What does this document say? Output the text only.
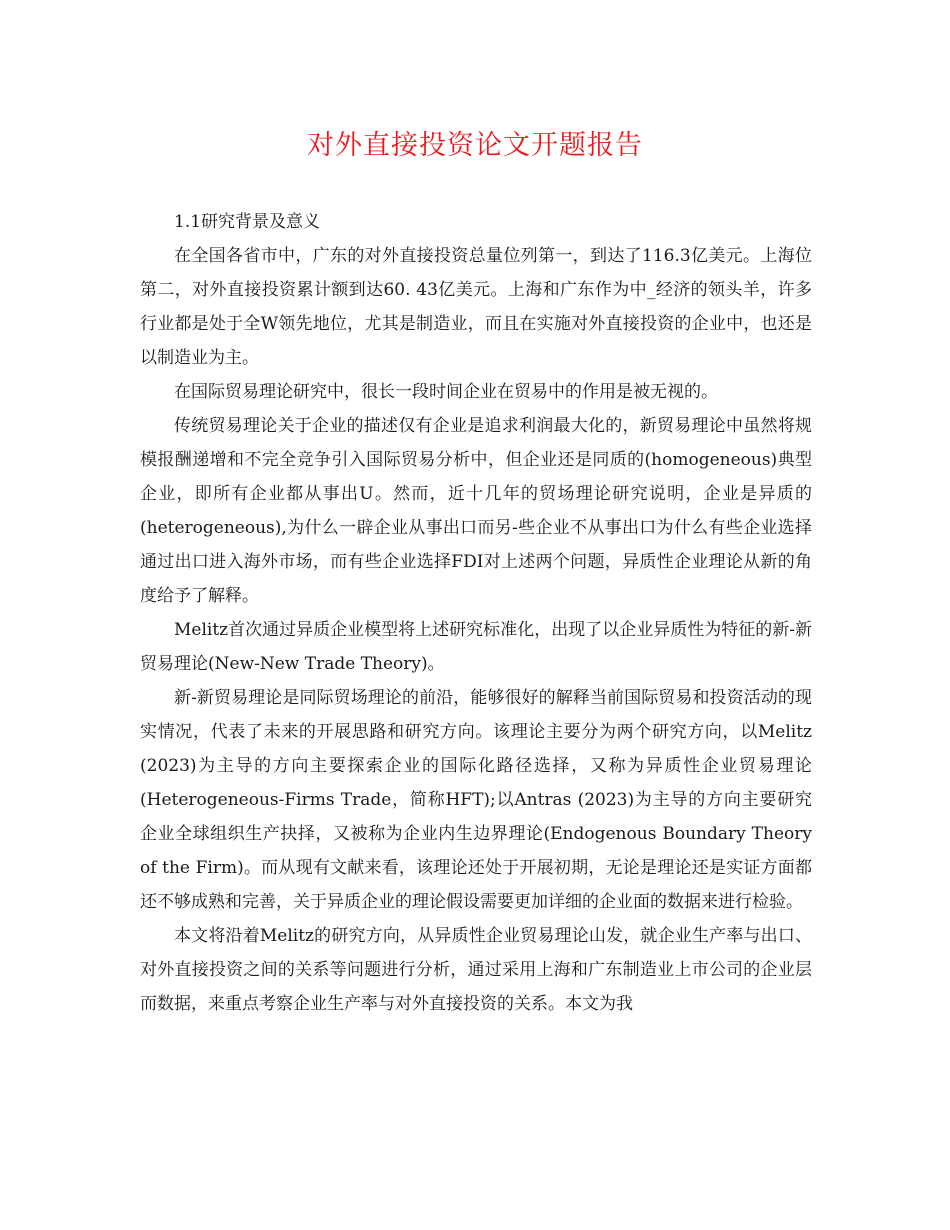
对外直接投资论文开题报告

1.1研究背景及意义

在全国各省市中，广东的对外直接投资总量位列第一，到达了116.3亿美元。上海位第二，对外直接投资累计额到达60. 43亿美元。上海和广东作为中_经济的领头羊，许多行业都是处于全W领先地位，尤其是制造业，而且在实施对外直接投资的企业中，也还是以制造业为主。

在国际贸易理论研究中，很长一段时间企业在贸易中的作用是被无视的。

传统贸易理论关于企业的描述仅有企业是追求利润最大化的，新贸易理论中虽然将规模报酬递增和不完全竞争引入国际贸易分析中，但企业还是同质的(homogeneous)典型企业，即所有企业都从事出U。然而，近十几年的贸场理论研究说明，企业是异质的(heterogeneous),为什么一辟企业从事出口而另-些企业不从事出口为什么有些企业选择通过出口进入海外市场，而有些企业选择FDI对上述两个问题，异质性企业理论从新的角度给予了解释。

Melitz首次通过异质企业模型将上述研究标准化，出现了以企业异质性为特征的新-新贸易理论(New-New Trade Theory)。

新-新贸易理论是同际贸场理论的前沿，能够很好的解释当前国际贸易和投资活动的现实情况，代表了未来的开展思路和研究方向。该理论主要分为两个研究方向，以Melitz (2023)为主导的方向主要探索企业的国际化路径选择，又称为异质性企业贸易理论(Heterogeneous-Firms Trade，简称HFT);以Antras (2023)为主导的方向主要研究企业全球组织生产抉择，又被称为企业内生边界理论(Endogenous Boundary Theory of the Firm)。而从现有文献来看，该理论还处于开展初期，无论是理论还是实证方面都还不够成熟和完善，关于异质企业的理论假设需要更加详细的企业面的数据来进行检验。

本文将沿着Melitz的研究方向，从异质性企业贸易理论山发，就企业生产率与出口、对外直接投资之间的关系等问题进行分析，通过采用上海和广东制造业上市公司的企业层而数据，来重点考察企业生产率与对外直接投资的关系。本文为我
